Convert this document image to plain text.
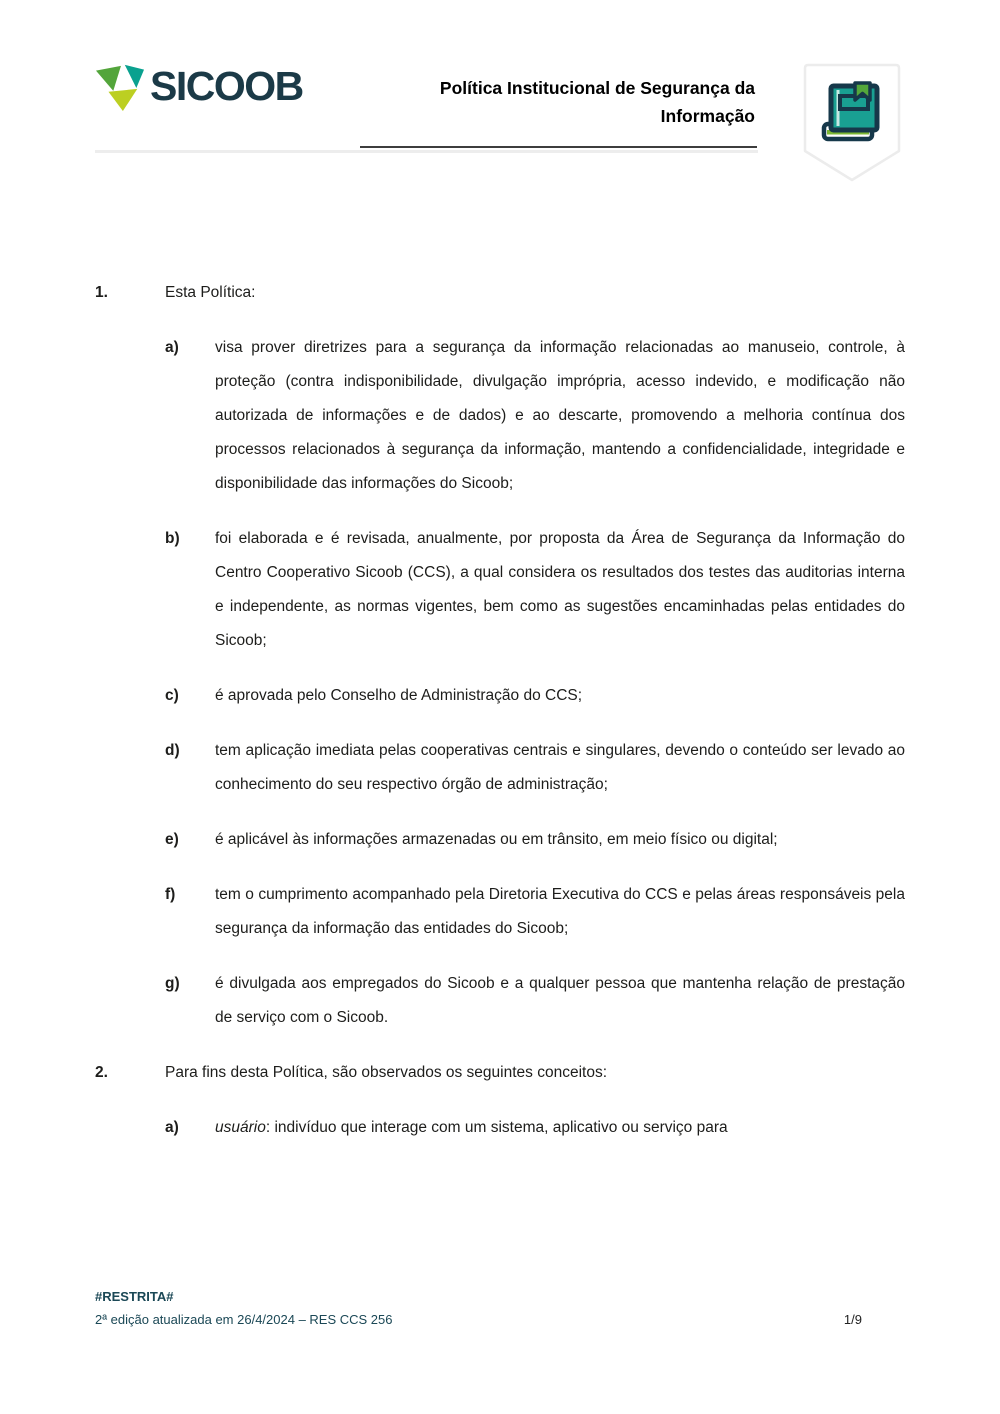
SICOOB	Política Institucional de Segurança da
Informação
1.	Esta Política:
a)	visa prover diretrizes para a segurança da informação relacionadas ao manuseio, controle, à proteção (contra indisponibilidade, divulgação imprópria, acesso indevido, e modificação não autorizada de informações e de dados) e ao descarte, promovendo a melhoria contínua dos processos relacionados à segurança da informação, mantendo a confidencialidade, integridade e disponibilidade das informações do Sicoob;

b)	foi elaborada e é revisada, anualmente, por proposta da Área de Segurança da Informação do Centro Cooperativo Sicoob (CCS), a qual considera os resultados dos testes das auditorias interna e independente, as normas vigentes, bem como as sugestões encaminhadas pelas entidades do Sicoob;

c)	é aprovada pelo Conselho de Administração do CCS;

d)	tem aplicação imediata pelas cooperativas centrais e singulares, devendo o conteúdo ser levado ao conhecimento do seu respectivo órgão de administração;

e)	é aplicável às informações armazenadas ou em trânsito, em meio físico ou digital;

f)	tem o cumprimento acompanhado pela Diretoria Executiva do CCS e pelas áreas responsáveis pela segurança da informação das entidades do Sicoob;

g)	é divulgada aos empregados do Sicoob e a qualquer pessoa que mantenha relação de prestação de serviço com o Sicoob.

2.	Para fins desta Política, são observados os seguintes conceitos:
a)	usuário: indivíduo que interage com um sistema, aplicativo ou serviço para

#RESTRITA#
2ª edição atualizada em 26/4/2024 – RES CCS 256	1/9
